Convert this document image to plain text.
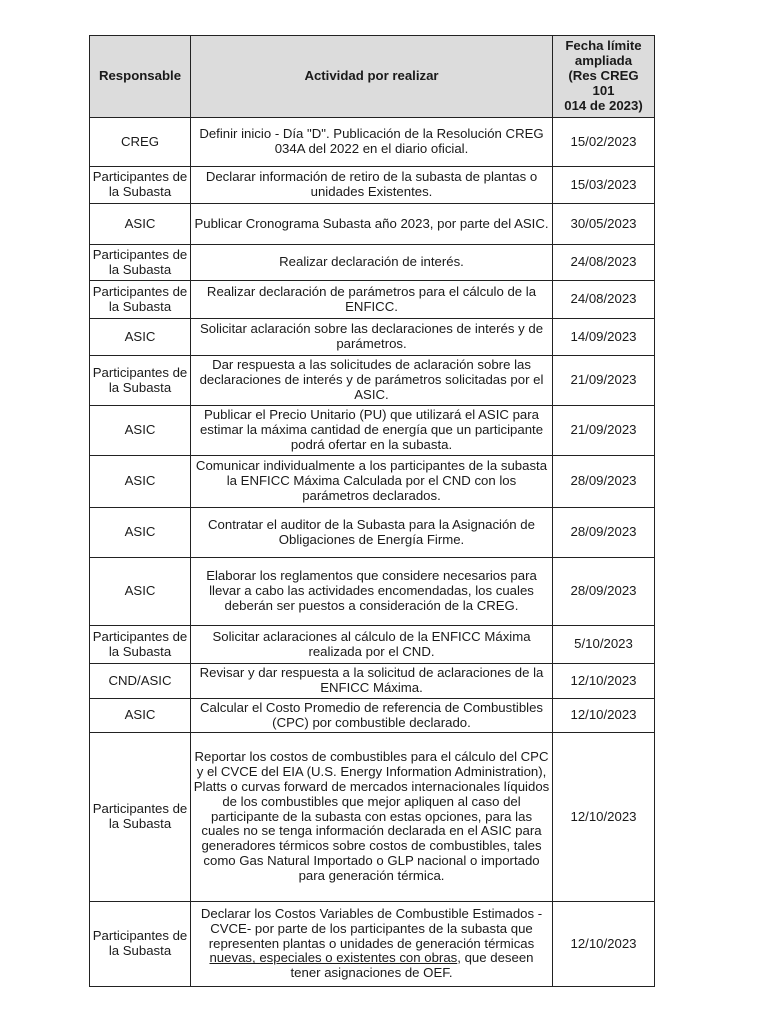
Responsable	Actividad por realizar	Fecha límite
ampliada
(Res CREG
101
014 de 2023)
CREG	Definir inicio - Día "D". Publicación de la Resolución CREG 034A del 2022 en el diario oficial.	15/02/2023
Participantes de la Subasta	Declarar información de retiro de la subasta de plantas o unidades Existentes.	15/03/2023
ASIC	Publicar Cronograma Subasta año 2023, por parte del ASIC.	30/05/2023
Participantes de la Subasta	Realizar declaración de interés.	24/08/2023
Participantes de la Subasta	Realizar declaración de parámetros para el cálculo de la ENFICC.	24/08/2023
ASIC	Solicitar aclaración sobre las declaraciones de interés y de parámetros.	14/09/2023
Participantes de la Subasta	Dar respuesta a las solicitudes de aclaración sobre las declaraciones de interés y de parámetros solicitadas por el ASIC.	21/09/2023
ASIC	Publicar el Precio Unitario (PU) que utilizará el ASIC para estimar la máxima cantidad de energía que un participante podrá ofertar en la subasta.	21/09/2023
ASIC	Comunicar individualmente a los participantes de la subasta la ENFICC Máxima Calculada por el CND con los parámetros declarados.	28/09/2023
ASIC	Contratar el auditor de la Subasta para la Asignación de Obligaciones de Energía Firme.	28/09/2023
ASIC	Elaborar los reglamentos que considere necesarios para llevar a cabo las actividades encomendadas, los cuales deberán ser puestos a consideración de la CREG.	28/09/2023
Participantes de la Subasta	Solicitar aclaraciones al cálculo de la ENFICC Máxima realizada por el CND.	5/10/2023
CND/ASIC	Revisar y dar respuesta a la solicitud de aclaraciones de la ENFICC Máxima.	12/10/2023
ASIC	Calcular el Costo Promedio de referencia de Combustibles (CPC) por combustible declarado.	12/10/2023
Participantes de la Subasta	Reportar los costos de combustibles para el cálculo del CPC y el CVCE del EIA (U.S. Energy Information Administration), Platts o curvas forward de mercados internacionales líquidos de los combustibles que mejor apliquen al caso del participante de la subasta con estas opciones, para las cuales no se tenga información declarada en el ASIC para generadores térmicos sobre costos de combustibles, tales como Gas Natural Importado o GLP nacional o importado para generación térmica.	12/10/2023
Participantes de la Subasta	Declarar los Costos Variables de Combustible Estimados -CVCE- por parte de los participantes de la subasta que representen plantas o unidades de generación térmicas nuevas, especiales o existentes con obras, que deseen tener asignaciones de OEF.	12/10/2023
